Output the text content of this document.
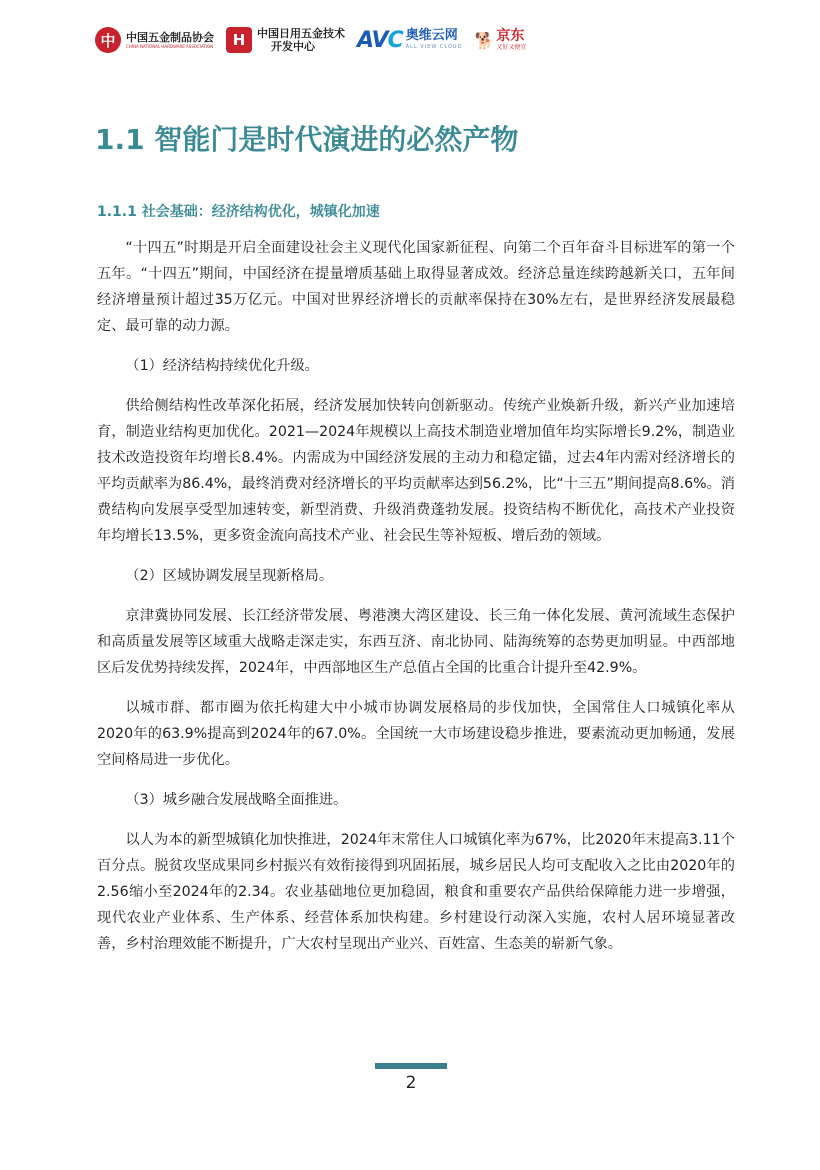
中 中国五金制品协会
CHINA NATIONAL HARDWARE ASSOCIATION	H	中国日用五金技术
开发中心	AVC 奥维云网
ALL VIEW CLOUD 🐕 京东
又好又便宜
1.1 智能门是时代演进的必然产物
1.1.1 社会基础：经济结构优化，城镇化加速

“十四五”时期是开启全面建设社会主义现代化国家新征程、向第二个百年奋斗目标进军的第一个五年。“十四五”期间，中国经济在提量增质基础上取得显著成效。经济总量连续跨越新关口，五年间经济增量预计超过35万亿元。中国对世界经济增长的贡献率保持在30%左右，是世界经济发展最稳定、最可靠的动力源。

（1）经济结构持续优化升级。

供给侧结构性改革深化拓展，经济发展加快转向创新驱动。传统产业焕新升级，新兴产业加速培育，制造业结构更加优化。2021—2024年规模以上高技术制造业增加值年均实际增长9.2%，制造业技术改造投资年均增长8.4%。内需成为中国经济发展的主动力和稳定锚，过去4年内需对经济增长的平均贡献率为86.4%，最终消费对经济增长的平均贡献率达到56.2%，比“十三五”期间提高8.6%。消费结构向发展享受型加速转变，新型消费、升级消费蓬勃发展。投资结构不断优化，高技术产业投资年均增长13.5%，更多资金流向高技术产业、社会民生等补短板、增后劲的领域。

（2）区域协调发展呈现新格局。

京津冀协同发展、长江经济带发展、粤港澳大湾区建设、长三角一体化发展、黄河流域生态保护和高质量发展等区域重大战略走深走实，东西互济、南北协同、陆海统筹的态势更加明显。中西部地区后发优势持续发挥，2024年，中西部地区生产总值占全国的比重合计提升至42.9%。

以城市群、都市圈为依托构建大中小城市协调发展格局的步伐加快，全国常住人口城镇化率从2020年的63.9%提高到2024年的67.0%。全国统一大市场建设稳步推进，要素流动更加畅通，发展空间格局进一步优化。

（3）城乡融合发展战略全面推进。

以人为本的新型城镇化加快推进，2024年末常住人口城镇化率为67%，比2020年末提高3.11个百分点。脱贫攻坚成果同乡村振兴有效衔接得到巩固拓展，城乡居民人均可支配收入之比由2020年的2.56缩小至2024年的2.34。农业基础地位更加稳固，粮食和重要农产品供给保障能力进一步增强，现代农业产业体系、生产体系、经营体系加快构建。乡村建设行动深入实施，农村人居环境显著改善，乡村治理效能不断提升，广大农村呈现出产业兴、百姓富、生态美的崭新气象。

2
